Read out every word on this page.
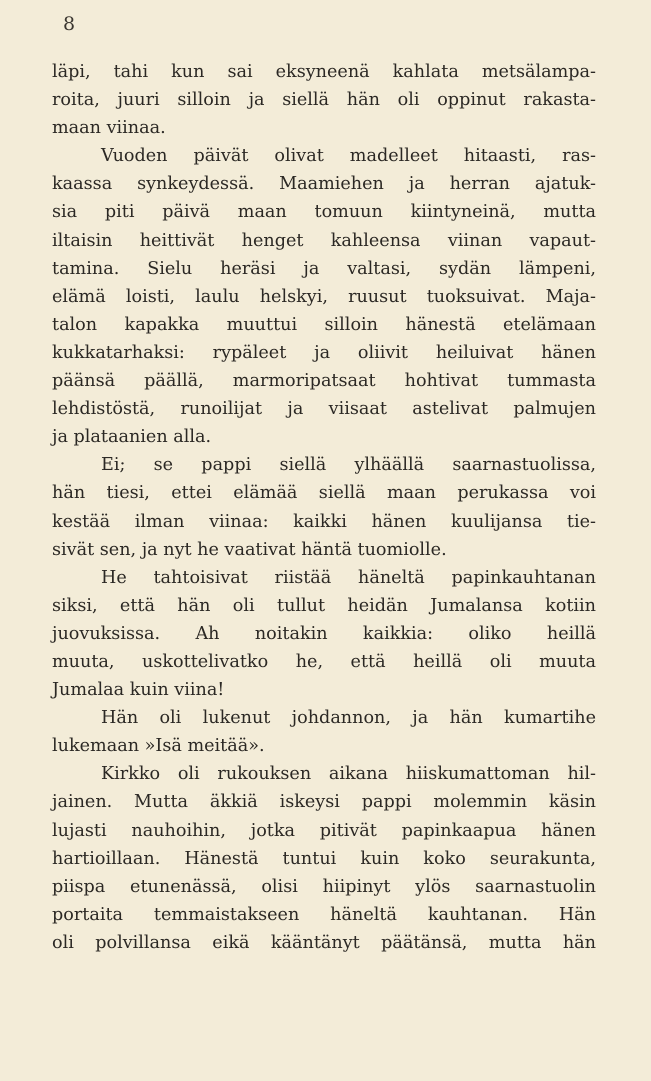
8
läpi, tahi kun sai eksyneenä kahlata metsälampa-
roita, juuri silloin ja siellä hän oli oppinut rakasta-
maan viinaa.
Vuoden päivät olivat madelleet hitaasti, ras-
kaassa synkeydessä. Maamiehen ja herran ajatuk-
sia piti päivä maan tomuun kiintyneinä, mutta
iltaisin heittivät henget kahleensa viinan vapaut-
tamina. Sielu heräsi ja valtasi, sydän lämpeni,
elämä loisti, laulu helskyi, ruusut tuoksuivat. Maja-
talon kapakka muuttui silloin hänestä etelämaan
kukkatarhaksi: rypäleet ja oliivit heiluivat hänen
päänsä päällä, marmoripatsaat hohtivat tummasta
lehdistöstä, runoilijat ja viisaat astelivat palmujen
ja plataanien alla.
Ei; se pappi siellä ylhäällä saarnastuolissa,
hän tiesi, ettei elämää siellä maan perukassa voi
kestää ilman viinaa: kaikki hänen kuulijansa tie-
sivät sen, ja nyt he vaativat häntä tuomiolle.
He tahtoisivat riistää häneltä papinkauhtanan
siksi, että hän oli tullut heidän Jumalansa kotiin
juovuksissa. Ah noitakin kaikkia: oliko heillä
muuta, uskottelivatko he, että heillä oli muuta
Jumalaa kuin viina!
Hän oli lukenut johdannon, ja hän kumartihe
lukemaan »Isä meitää».
Kirkko oli rukouksen aikana hiiskumattoman hil-
jainen. Mutta äkkiä iskeysi pappi molemmin käsin
lujasti nauhoihin, jotka pitivät papinkaapua hänen
hartioillaan. Hänestä tuntui kuin koko seurakunta,
piispa etunenässä, olisi hiipinyt ylös saarnastuolin
portaita temmaistakseen häneltä kauhtanan. Hän
oli polvillansa eikä kääntänyt päätänsä, mutta hän
